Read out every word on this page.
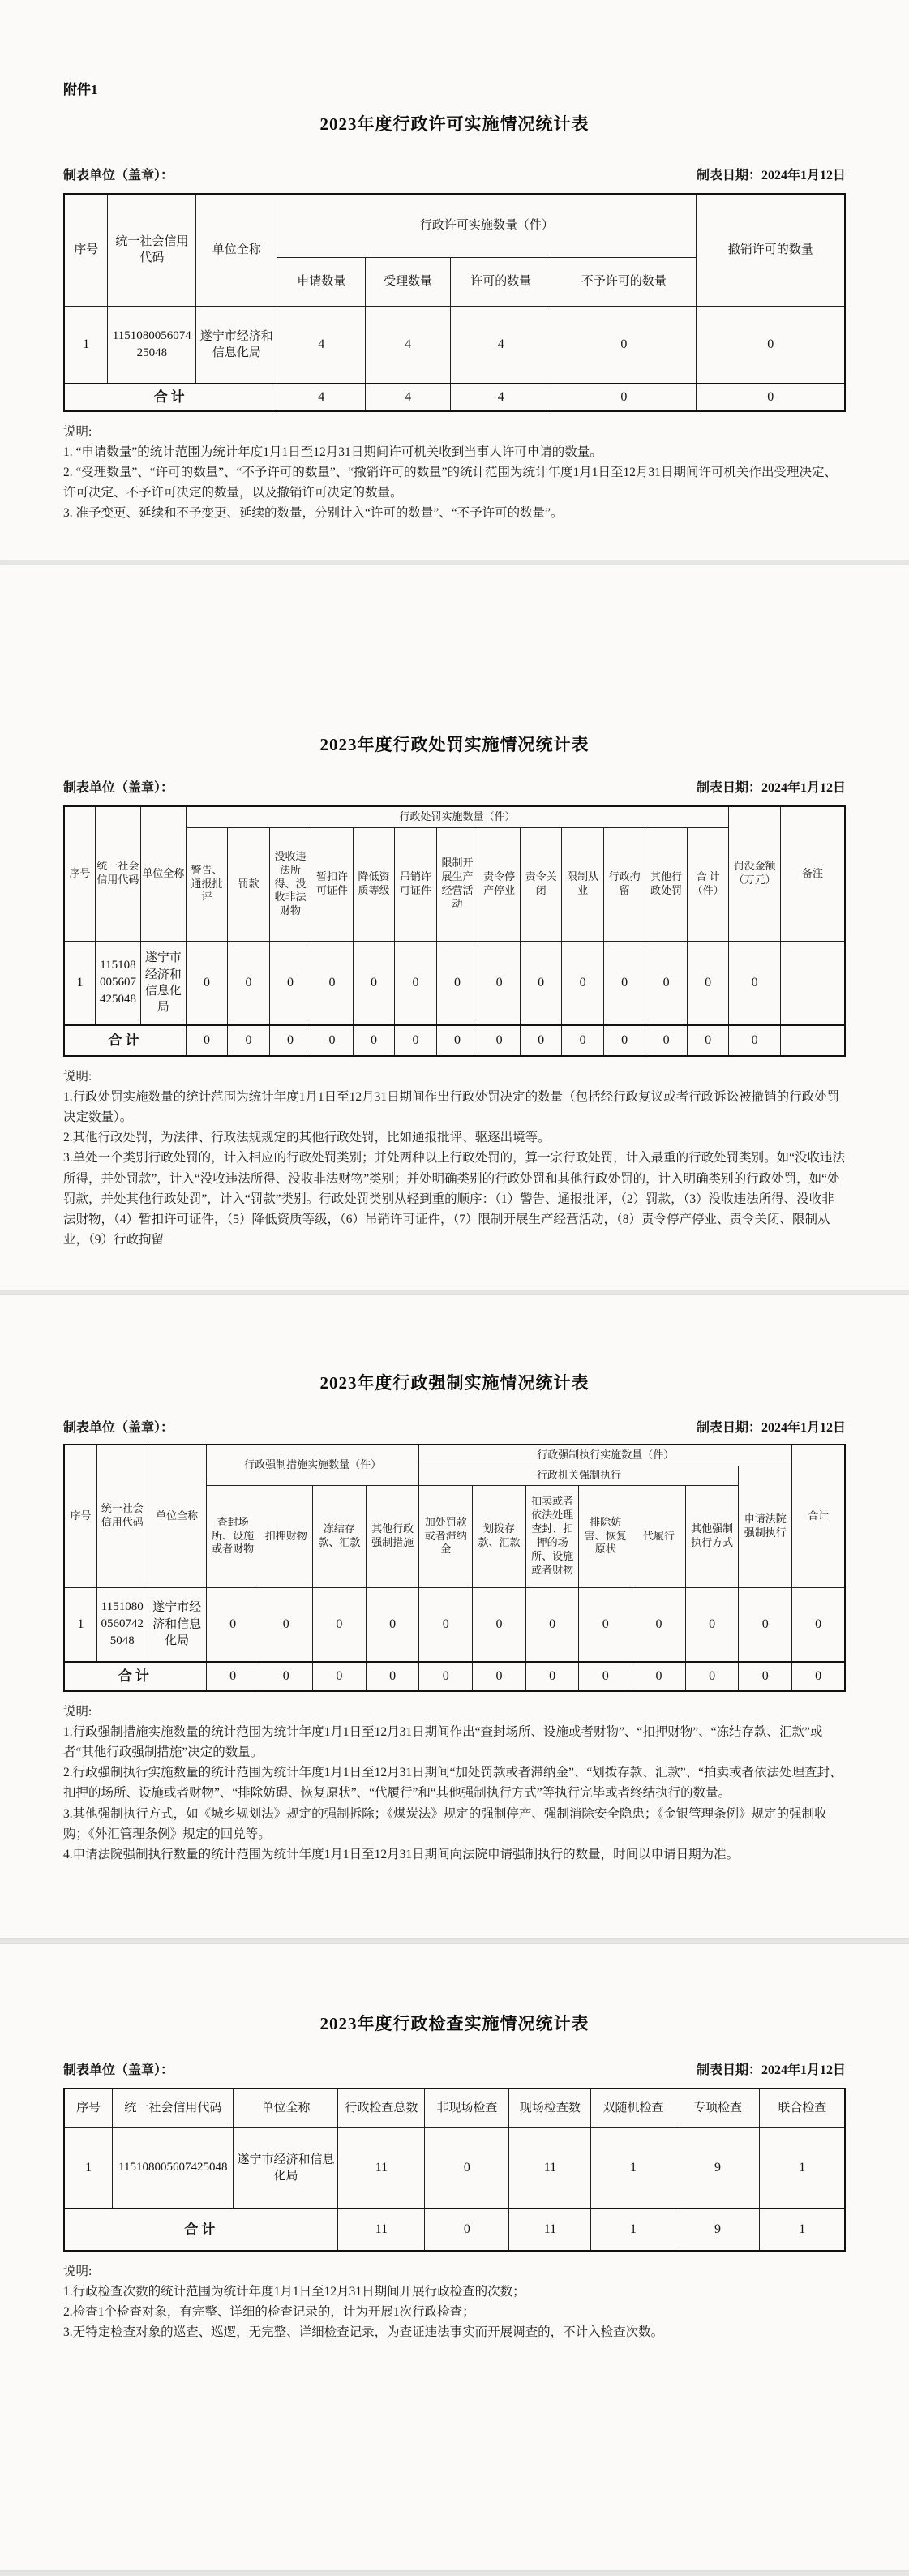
附件1
2023年度行政许可实施情况统计表
制表单位（盖章）：	制表日期：2024年1月12日
序号	统一社会信用代码	单位全称	行政许可实施数量（件）				撤销许可的数量
			申请数量	受理数量	许可的数量	不予许可的数量	
1	115108005607425048	遂宁市经济和信息化局	4	4	4	0	0
合计			4	4	4	0	0
说明:
1. “申请数量”的统计范围为统计年度1月1日至12月31日期间许可机关收到当事人许可申请的数量。
2. “受理数量”、“许可的数量”、“不予许可的数量”、“撤销许可的数量”的统计范围为统计年度1月1日至12月31日期间许可机关作出受理决定、许可决定、不予许可决定的数量，以及撤销许可决定的数量。
3. 准予变更、延续和不予变更、延续的数量，分别计入“许可的数量”、“不予许可的数量”。
2023年度行政处罚实施情况统计表
制表单位（盖章）：	制表日期：2024年1月12日
序号	统一社会信用代码	单位全称	行政处罚实施数量（件）													罚没金额（万元）	备注
			警告、通报批评	罚款	没收违法所得、没收非法财物	暂扣许可证件	降低资质等级	吊销许可证件	限制开展生产经营活动	责令停产停业	责令关闭	限制从业	行政拘留	其他行政处罚	合 计（件）		
1	115108005607425048	遂宁市经济和信息化局	0	0	0	0	0	0	0	0	0	0	0	0	0	0	
合计			0	0	0	0	0	0	0	0	0	0	0	0	0	0	
说明:
1.行政处罚实施数量的统计范围为统计年度1月1日至12月31日期间作出行政处罚决定的数量（包括经行政复议或者行政诉讼被撤销的行政处罚决定数量）。
2.其他行政处罚，为法律、行政法规规定的其他行政处罚，比如通报批评、驱逐出境等。
3.单处一个类别行政处罚的，计入相应的行政处罚类别；并处两种以上行政处罚的，算一宗行政处罚，计入最重的行政处罚类别。如“没收违法所得，并处罚款”，计入“没收违法所得、没收非法财物”类别；并处明确类别的行政处罚和其他行政处罚的，计入明确类别的行政处罚，如“处罚款，并处其他行政处罚”，计入“罚款”类别。行政处罚类别从轻到重的顺序：（1）警告、通报批评，（2）罚款，（3）没收违法所得、没收非法财物，（4）暂扣许可证件，（5）降低资质等级，（6）吊销许可证件，（7）限制开展生产经营活动，（8）责令停产停业、责令关闭、限制从业，（9）行政拘留
2023年度行政强制实施情况统计表
制表单位（盖章）：	制表日期：2024年1月12日
序号	统一社会信用代码	单位全称	行政强制措施实施数量（件）				行政强制执行实施数量（件）							合计
							行政机关强制执行						申请法院强制执行	
			查封场所、设施或者财物	扣押财物	冻结存款、汇款	其他行政强制措施	加处罚款或者滞纳金	划拨存款、汇款	拍卖或者依法处理查封、扣押的场所、设施或者财物	排除妨害、恢复原状	代履行	其他强制执行方式		
1	115108005607425048	遂宁市经济和信息化局	0	0	0	0	0	0	0	0	0	0	0	0
合计			0	0	0	0	0	0	0	0	0	0	0	0
说明:
1.行政强制措施实施数量的统计范围为统计年度1月1日至12月31日期间作出“查封场所、设施或者财物”、“扣押财物”、“冻结存款、汇款”或者“其他行政强制措施”决定的数量。
2.行政强制执行实施数量的统计范围为统计年度1月1日至12月31日期间“加处罚款或者滞纳金”、“划拨存款、汇款”、“拍卖或者依法处理查封、扣押的场所、设施或者财物”、“排除妨碍、恢复原状”、“代履行”和“其他强制执行方式”等执行完毕或者终结执行的数量。
3.其他强制执行方式，如《城乡规划法》规定的强制拆除；《煤炭法》规定的强制停产、强制消除安全隐患；《金银管理条例》规定的强制收购；《外汇管理条例》规定的回兑等。
4.申请法院强制执行数量的统计范围为统计年度1月1日至12月31日期间向法院申请强制执行的数量，时间以申请日期为准。
2023年度行政检查实施情况统计表
制表单位（盖章）：	制表日期：2024年1月12日
序号	统一社会信用代码	单位全称	行政检查总数	非现场检查	现场检查数	双随机检查	专项检查	联合检查
1	115108005607425048	遂宁市经济和信息化局	11	0	11	1	9	1
合计			11	0	11	1	9	1
说明:
1.行政检查次数的统计范围为统计年度1月1日至12月31日期间开展行政检查的次数；
2.检查1个检查对象，有完整、详细的检查记录的，计为开展1次行政检查；
3.无特定检查对象的巡查、巡逻，无完整、详细检查记录，为查证违法事实而开展调查的，不计入检查次数。
